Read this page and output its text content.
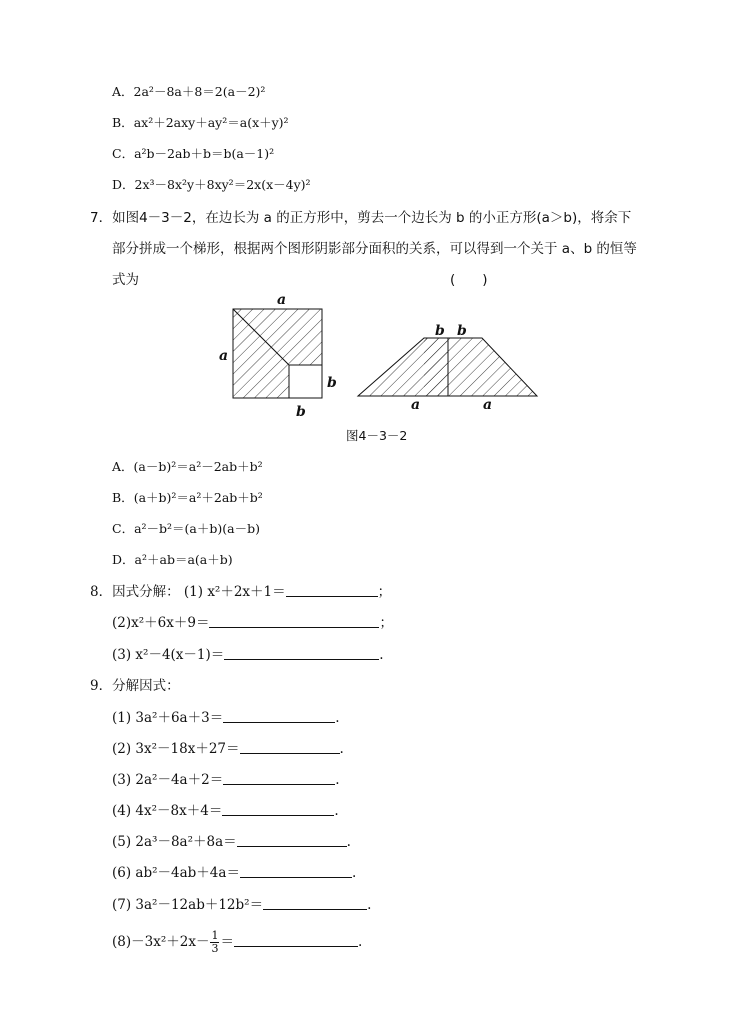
A．2a²－8a＋8＝2(a－2)²
B．ax²＋2axy＋ay²＝a(x＋y)²
C．a²b－2ab＋b＝b(a－1)²
D．2x³－8x²y＋8xy²＝2x(x－4y)²
7．如图4－3－2，在边长为 a 的正方形中，剪去一个边长为 b 的小正方形(a＞b)，将余下
部分拼成一个梯形，根据两个图形阴影部分面积的关系，可以得到一个关于 a、b 的恒等
式为	(　　)
a
a
b
b
b b
a	a
图4－3－2
A．(a－b)²＝a²－2ab＋b²
B．(a＋b)²＝a²＋2ab＋b²
C．a²－b²＝(a＋b)(a－b)
D．a²＋ab＝a(a＋b)
8．因式分解： (1) x²＋2x＋1＝	；
(2)x²＋6x＋9＝	；
(3) x²－4(x－1)＝	.
9．分解因式：
(1) 3a²＋6a＋3＝	.
(2) 3x²－18x＋27＝	.
(3) 2a²－4a＋2＝	.
(4) 4x²－8x＋4＝	.
(5) 2a³－8a²＋8a＝	.
(6) ab²－4ab＋4a＝	.
(7) 3a²－12ab＋12b²＝	.
$(8)-3x^2+2x- \frac{1}{3}$ ＝	.
